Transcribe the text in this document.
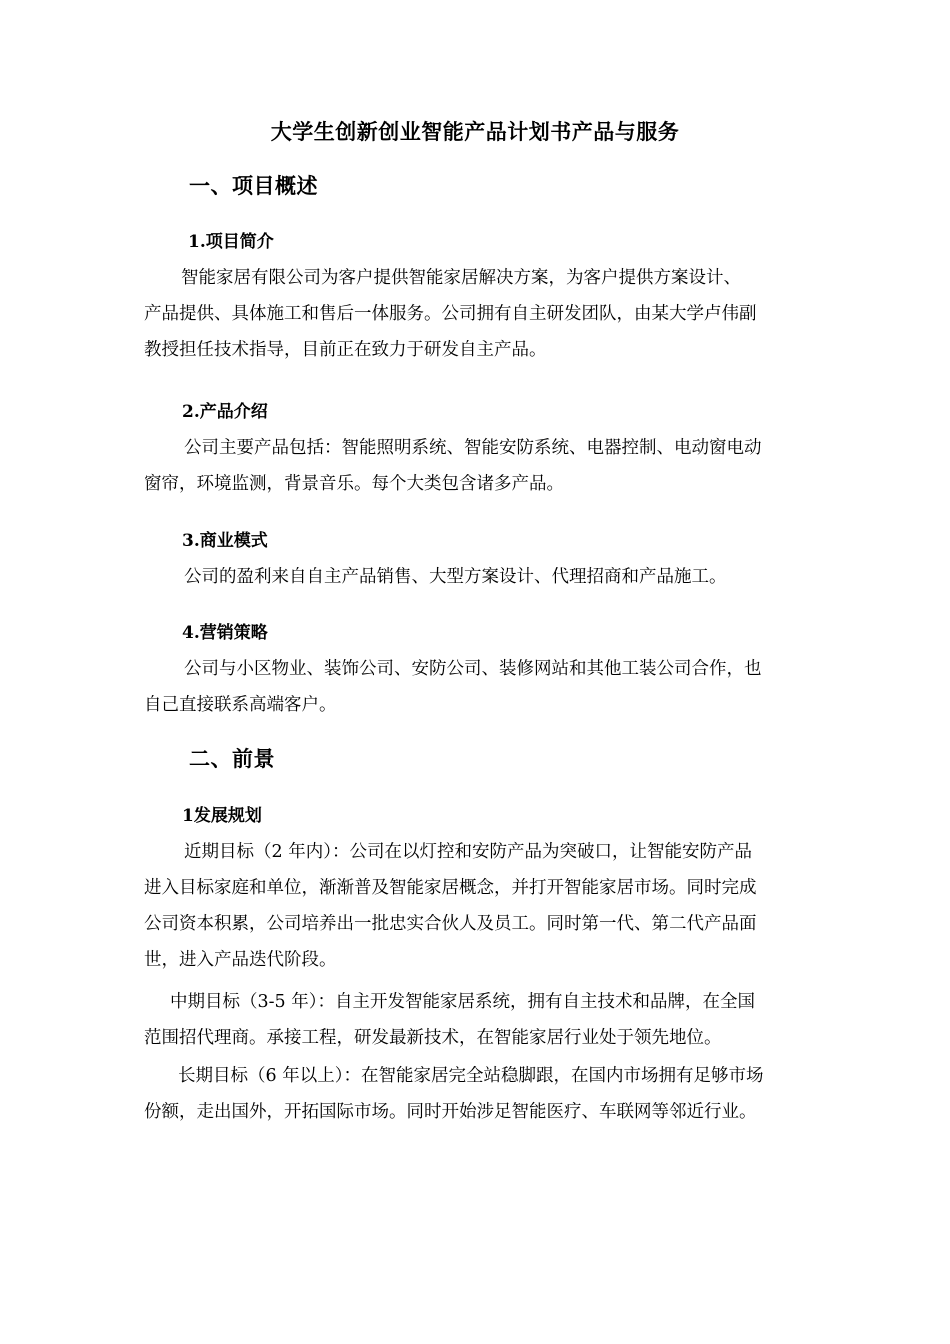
大学生创新创业智能产品计划书产品与服务
一、项目概述
1.项目简介
智能家居有限公司为客户提供智能家居解决方案，为客户提供方案设计、
产品提供、具体施工和售后一体服务。公司拥有自主研发团队，由某大学卢伟副
教授担任技术指导，目前正在致力于研发自主产品。
2.产品介绍
公司主要产品包括：智能照明系统、智能安防系统、电器控制、电动窗电动
窗帘，环境监测，背景音乐。每个大类包含诸多产品。
3.商业模式
公司的盈利来自自主产品销售、大型方案设计、代理招商和产品施工。
4.营销策略
公司与小区物业、装饰公司、安防公司、装修网站和其他工装公司合作，也
自己直接联系高端客户。
二、前景
1发展规划
近期目标（2 年内）：公司在以灯控和安防产品为突破口，让智能安防产品
进入目标家庭和单位，渐渐普及智能家居概念，并打开智能家居市场。同时完成
公司资本积累，公司培养出一批忠实合伙人及员工。同时第一代、第二代产品面
世，进入产品迭代阶段。
中期目标（3-5 年）：自主开发智能家居系统，拥有自主技术和品牌，在全国
范围招代理商。承接工程，研发最新技术，在智能家居行业处于领先地位。
长期目标（6 年以上）：在智能家居完全站稳脚跟，在国内市场拥有足够市场
份额，走出国外，开拓国际市场。同时开始涉足智能医疗、车联网等邻近行业。
